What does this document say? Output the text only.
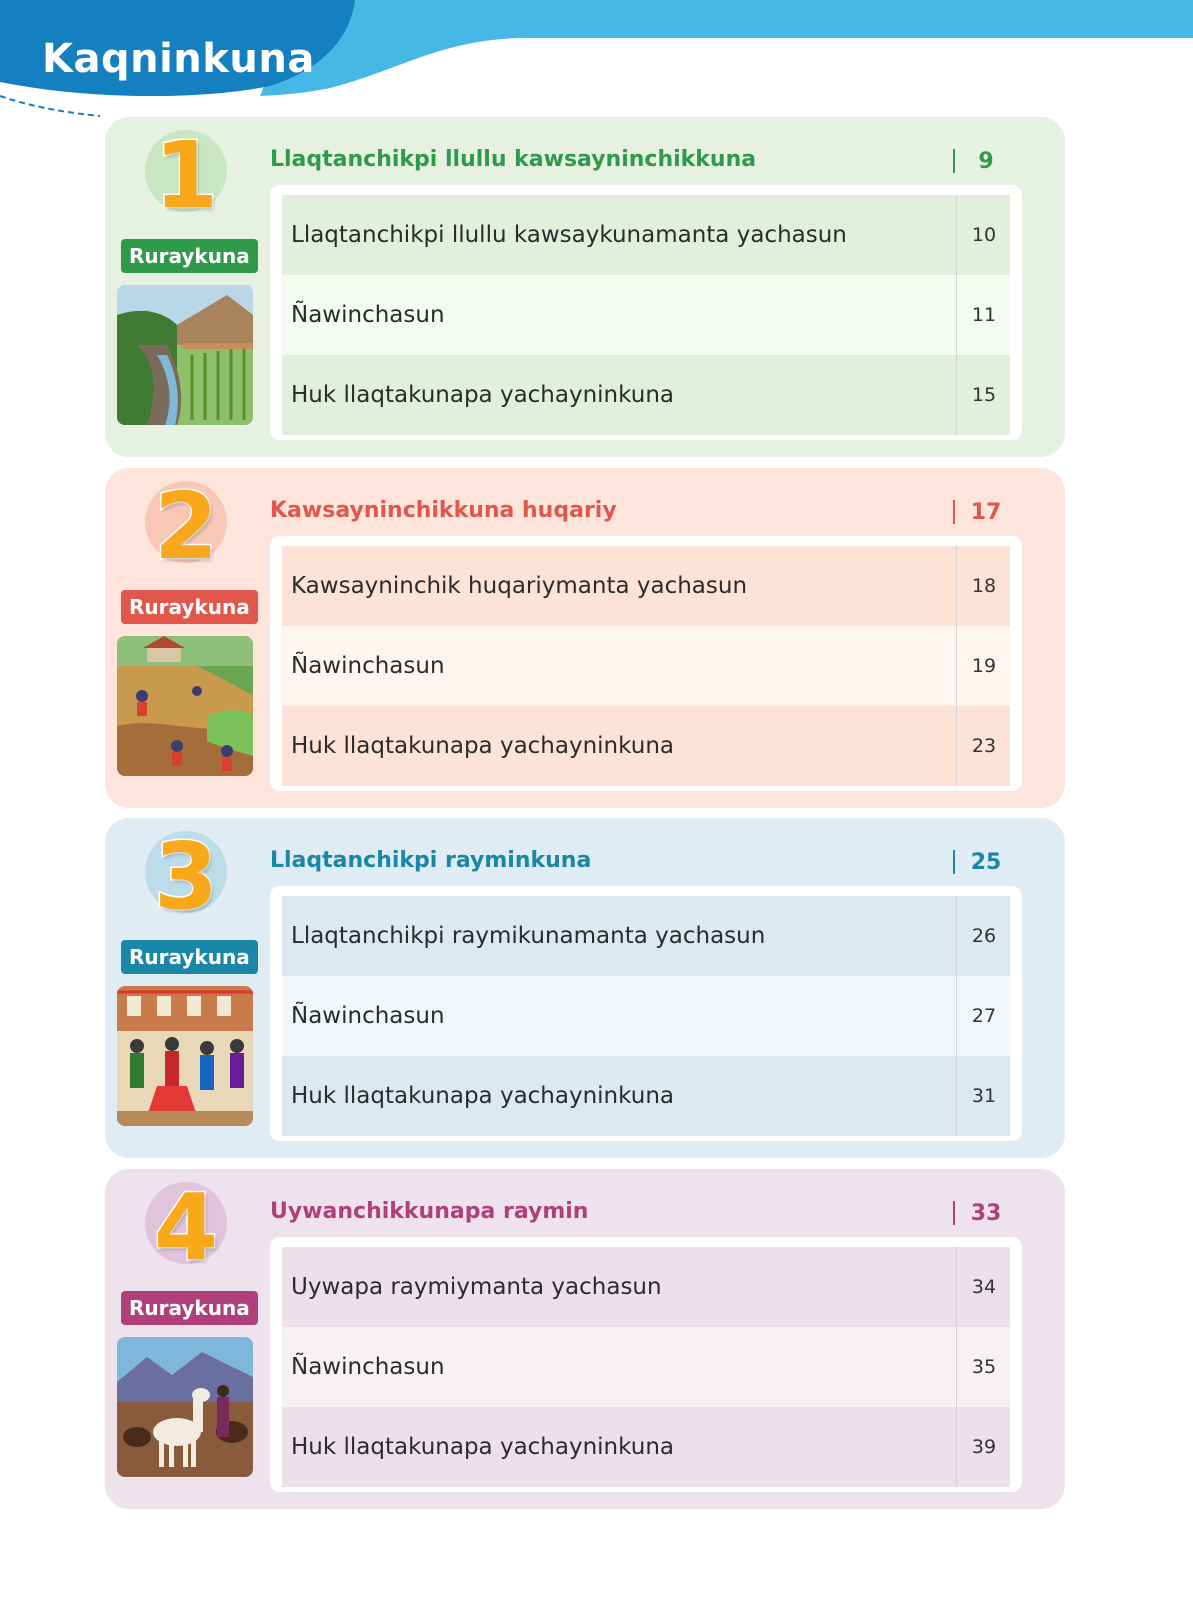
Kaqninkuna
1
Ruraykuna
Llaqtanchikpi llullu kawsayninchikkuna	9
Llaqtanchikpi llullu kawsaykunamanta yachasun	10
Ñawinchasun	11
Huk llaqtakunapa yachayninkuna	15
2
Ruraykuna
Kawsayninchikkuna huqariy	17
Kawsayninchik huqariymanta yachasun	18
Ñawinchasun	19
Huk llaqtakunapa yachayninkuna	23
3
Ruraykuna
Llaqtanchikpi rayminkuna	25
Llaqtanchikpi raymikunamanta yachasun	26
Ñawinchasun	27
Huk llaqtakunapa yachayninkuna	31
4
Ruraykuna
Uywanchikkunapa raymin	33
Uywapa raymiymanta yachasun	34
Ñawinchasun	35
Huk llaqtakunapa yachayninkuna	39
